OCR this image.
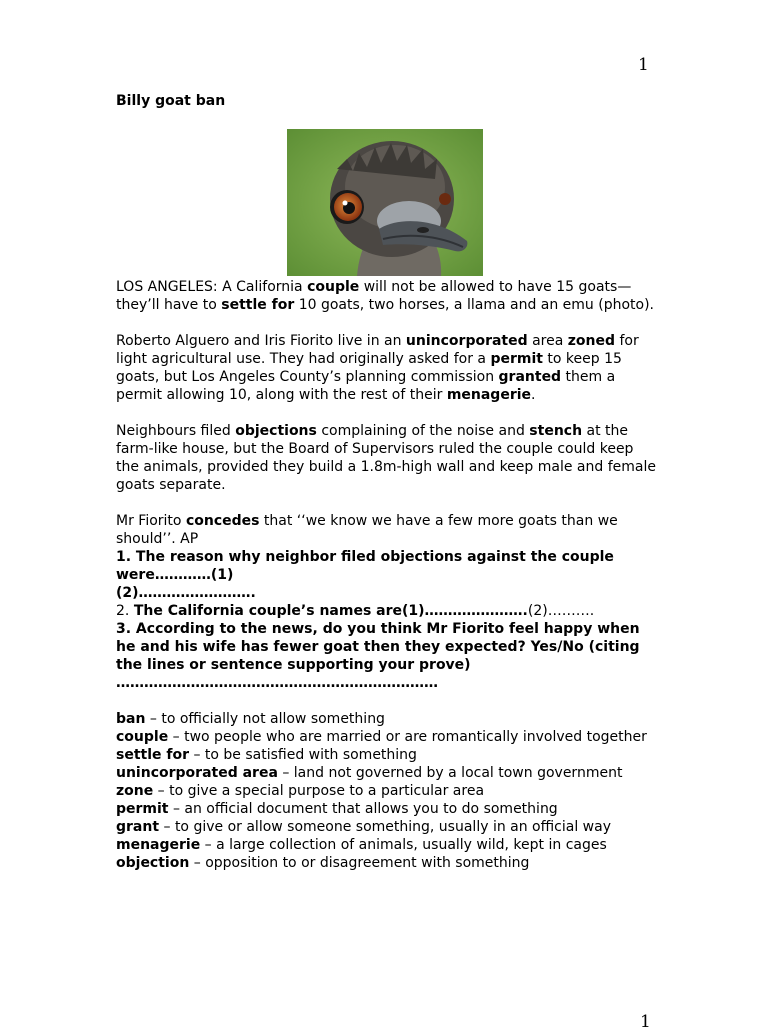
1

Billy goat ban

LOS ANGELES: A California couple will not be allowed to have 15 goats— they’ll have to settle for 10 goats, two horses, a llama and an emu (photo).

Roberto Alguero and Iris Fiorito live in an unincorporated area zoned for light agricultural use. They had originally asked for a permit to keep 15 goats, but Los Angeles County’s planning commission granted them a permit allowing 10, along with the rest of their menagerie.

Neighbours filed objections complaining of the noise and stench at the farm-like house, but the Board of Supervisors ruled the couple could keep the animals, provided they build a 1.8m-high wall and keep male and female goats separate.

Mr Fiorito concedes that ‘‘we know we have a few more goats than we should’’. AP

1. The reason why neighbor filed objections against the couple were…………(1)

(2)…………………….

2. The California couple’s names are(1)………………….(2)……….

3. According to the news, do you think Mr Fiorito feel happy when he and his wife has fewer goat then they expected? Yes/No (citing the lines or sentence supporting your prove)

……………………………………………………………

ban – to officially not allow something

couple – two people who are married or are romantically involved together

settle for – to be satisfied with something

unincorporated area – land not governed by a local town government

zone – to give a special purpose to a particular area

permit – an official document that allows you to do something

grant – to give or allow someone something, usually in an official way

menagerie – a large collection of animals, usually wild, kept in cages

objection – opposition to or disagreement with something

1
